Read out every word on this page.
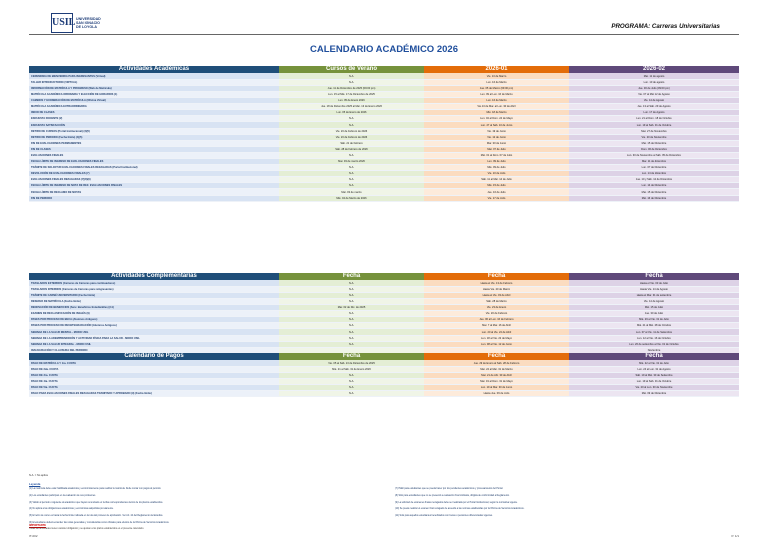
USIL UNIVERSIDAD
SAN IGNACIO
DE LOYOLA	PROGRAMA: Carreras Universitarias
CALENDARIO ACADÉMICO 2026
Actividades Académicas	Cursos de Verano	2026-01	2026-02
CEREMONIA DE BIENVENIDA PARA INGRESANTES (Virtual)	N.A.	Vie. 13 de Marzo	Mar. 11 de agosto
TALLER INTRODUCTORIO (VIRTUAL)	N.A.	Lun. 16 de Marzo	Lun. 10 de agosto
INFORMACIÓN DE MATRÍCULA Y PROGRESO (Web de Matrícula)	Jue. 11 de Diciembre de 2025 (09:00 pm)	Jue. 05 de Marzo (09:00 pm)	Jue. 30 de Julio (09:00 pm)
MATRÍCULA ACADÉMICA ORDINARIA Y ELECCIÓN DE HORARIOS (1)	Lun. 15 al Mié. 17 de Diciembre de 2025	Lun. 09 al Lun. 16 de Marzo	Vie. 07 al Mié 12 de Agosto
CAMBIOS Y EXONERACIÓN DE MATRÍCULA (Oficina Virtual)	Lun. 05 de Enero 2026	Lun. 16 de Marzo	Vie. 14 de Agosto
MATRÍCULA ACADÉMICA EXTRAORDINARIA	Jue. 18 de Diciembre 2025 al Mar. 13 de Enero 2026	Vie.13 de Mar. al Lun. 30 de Abril	Jue. 13 al Sáb. 29 de Agosto
INICIO DE CLASES	Lun. 05 de Enero de 2026	Mié. 18 de Marzo	Lun. 17 de Agosto
ENCUESTA DOCENTE (2)	N.A.	Lun. 04 al Dom. 24 de Mayo	Lun. 21 al Dom. 18 de Octubre
ENCUESTA SATISFACCIÓN	N.A.	Lun. 27 al Sáb. 10 de Junio	Lun. 19 al Sáb. 31 de Octubre
RETIRO DE CURSOS (Portal Institucional) (3)(5)	Vie. 23 de Febrero de 2026	Vie. 19 de Junio	Mar. 27 de Noviembre
RETIRO DE PERIODO (Fecha límite) (4)(5)	Vie. 23 de Febrero de 2026	Vie. 12 de Junio	Vie. 20 de Noviembre
FIN DE EVALUACIONES PERMANENTES	Sáb. 21 de Febrero	Mar. 30 de Junio	Mar. 15 de Diciembre
FIN DE CLASES	Sáb. 28 de Febrero de 2026	Mar. 07 de Julio	Dom. 06 de Diciembre
EVALUACIONES FINALES	N.A.	Mié. 01 al Dom. 07 de Julio	Lun. 30 de Noviembre al Sáb. 05 de Diciembre
FECHA LÍMITE DE INGRESO DE EVALUACIONES FINALES	Mar. 03 de marzo 2026	Lun. 09 de Julio	Mar. 11 de diciembre
TRÁMITE DE SOLICITUD EVALUACIONES FINALES REZAGADAS (Portal Institucional)	N.A.	Mié. 09 de Julio	Lun. 07 de Diciembre
DEVOLUCIÓN DE EVALUACIONES FINALES (7)	N.A.	Vie. 10 de Julio	Lun. 14 de diciembre
EVALUACIONES FINALES REZAGADAS (7)(8)(9)	N.A.	Sáb. 11 al Mar. 14 de Julio	Jue. 10 y Sáb. 12 de Diciembre
FECHA LÍMITE DE INGRESO DE NOTA DE REZ. EVALUACIONES FINALES	N.A.	Mié. 15 de Julio	Lun. 14 de Diciembre
FECHA LÍMITE DE RECLAMO DE NOTAS	Mar. 03 de marzo	Jue. 16 de Julio	Mar. 15 de Diciembre
FIN DE PERIODO	Mié. 04 de Marzo de 2026	Vie. 17 de Julio	Mié. 16 de Diciembre
Actividades Complementarias	Fecha	Fecha	Fecha
TRASLADOS EXTERNOS (Carreras de Carreras para continuadores)	N.A.	Hasta el Vie. 13 de Febrero	Hasta el Vie. 03 de Julio
TRASLADOS INTERNOS (Carreras de Carreras para reingresantes)	N.A.	Hasta Vie. 20 de Marzo	Hasta Vie. 14 de Agosto
TRÁMITE DE CARNÉ UNIVERSITARIO (Fecha límite)	N.A.	Hasta el Vie. 03 de Abril	Hasta el Mar. 31 de setiembre
RESERVA DE MATRÍCULA (Fecha límite)	N.A.	Sáb. 28 de Marzo	Vie. 14 de Agosto
RENOVACIÓN DE BENEFICIOS (Serv. Beneficios Estudiantiles) (11)	Mar. 02 de Dic. de 2025	Vie. 23 de Enero	Mié. 15 de Julio
EXAMEN DE RECLASIFICACIÓN DE INGLÉS (9)	N.A.	Vie. 20 de Febrero	Jue. 30 de Julio
PASES POR PROCESO DE BECA (Alumnos Antiguos)	N.A.	Jue. 06 al Lun. 16 de Febrero	Mié. 29 al Vie. 31 de Julio
PASES POR PROCESO DE REUBTEGRADACIÓN (Alumnos Antiguos)	N.A.	Mar. 7 al Mar. 16 de Abril	Mié. 21 al Mié. 28 de Octubre
SEMANA DE LA SALUD MENTAL - MODO USIL	N.A.	Lun. 20 al Vie. 24 de Abril	Lun. 07 al Vie. 11 de Setiembre
SEMANA DE LA ADEMPRENDICIÓN Y ACTIVIDAD FÍSICA PARA LA SALUD - MODO USIL	N.A.	Lun. 18 al Vie. 22 de Mayo	Lun. 12 al Vie. 16 de Octubre
SEMANA DE LA SALUD INTEGRAL - MODO USIL	N.A.	Lun. 08 al Vie. 12 de Junio	Lun. 26 de setiembre al Vie. 01 de Octubre
INAUGURACIÓN Y CLAUSURA DEL PERIODO			Noviembre
Calendario de Pagos	Fecha	Fecha	Fecha
PAGO DE MATRÍCULA Y 1ra. CUOTA	Vie. 05 al Sáb. 13 de Diciembre de 2025	Jue. 29 de Enero al Sáb. 28 de Febrero	Mié. 22 al Vie. 31 de Julio
PAGO DE 2da. CUOTA	Mié. 21 al Sáb. 31 de Enero 2026	Mar. 24 al Mar. 31 de Marzo	Lun. 24 al Lun. 31 de Agosto
PAGO DE 3ra. CUOTA	N.A.	Mar. 21 de Abr. 30 de Abril	Sáb. 19 al Mié. 30 de Setiembre
PAGO DE 4ta. CUOTA	N.A.	Mar. 19 al Dom. 31 de Mayo	Lun. 19 al Sáb. 31 de Octubre
PAGO DE 5ta. CUOTA	N.A.	Lun. 19 al Mar. 30 de Junio	Vie. 20 al Lun. 30 de Noviembre
PAGO PARA EVALUACIONES FINALES REZAGADAS TRAMITADO Y APROBADO (9) (Fecha límite)	N.A.	Hasta Jue. 09 de Julio	Mié. 09 de Diciembre
N.A. = No aplica
Leyenda
(1) La matrícula debe estar habilitada académica y económicamente para realizar la matrícula. Debe contar con pagos al período.
(2) Los estudiantes participan en la evaluación de sus profesores.
(3) Válido al período o siguiente al académico que hayan renunciado en fechas correspondientes dentro de los plazos establecidos.
(4) No aplica a las obligaciones académicas y económicas adquiridas previamente.
(5) El retiro de curso es hasta la fecha límite indicada en la ruta del proceso de aprobación. Ver Art. 44 del Reglamento de Estudios.
(6) El estudiante deberá entender las notas generadas y considerarlas como oficiales para efectos de la Oficina de Servicios Académicos.
(7) Hábil para estudiantes que se pueda hacer por los pendientes académicos y procesamiento del Portal.
(8) Sólo para estudiantes que no se presentó a evaluación final ordinaria, dirigida de conformidad a Reglamento.
(9) La solicitud de exámenes finales rezagados debe ser realizada por el Portal Institucional, según la normativa vigente.
(10) Se puede realizar el examen final rezagado de acuerdo a las normas establecidas por la Oficina de Servicios Académicos.
(11) Solo para aquellos estudiantes beneficiados con becas o pensiones diferenciadas vigentes.
IMPORTANTE
Todas las actividades tienen carácter obligatorio y se ajustan a los plazos establecidos en el presente calendario.
IT-002	P. 1/1
